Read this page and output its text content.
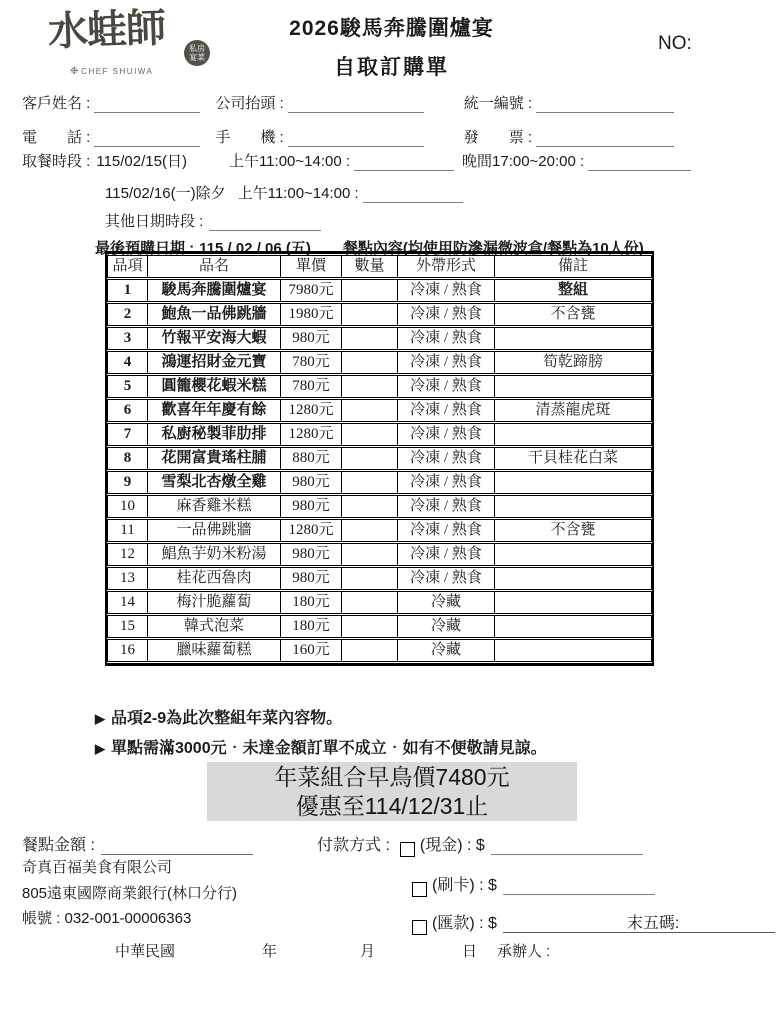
水蛙師	私房宴菜
❉ CHEF SHUIWA
2026駿馬奔騰圍爐宴
自取訂購單
NO:
客戶姓名 :	公司抬頭 :	統一編號 :
電　　話 :	手　　機 :	發　　票 :
取餐時段 : 115/02/15(日)	上午11:00~14:00 :	晚間17:00~20:00 :
115/02/16(一)除夕 上午11:00~14:00 :
其他日期時段 :
最後預購日期 : 115 / 02 / 06 (五) 餐點內容(均使用防滲漏微波盒/餐點為10人份)
品項	品名	單價	數量	外帶形式	備註
1	駿馬奔騰圍爐宴	7980元		冷凍 / 熟食	整組
2	鮑魚一品佛跳牆	1980元		冷凍 / 熟食	不含甕
3	竹報平安海大蝦	980元		冷凍 / 熟食	
4	鴻運招財金元寶	780元		冷凍 / 熟食	筍乾蹄膀
5	圓籠櫻花蝦米糕	780元		冷凍 / 熟食	
6	歡喜年年慶有餘	1280元		冷凍 / 熟食	清蒸龍虎斑
7	私廚秘製菲肋排	1280元		冷凍 / 熟食	
8	花開富貴瑤柱脯	880元		冷凍 / 熟食	干貝桂花白菜
9	雪梨北杏燉全雞	980元		冷凍 / 熟食	
10	麻香雞米糕	980元		冷凍 / 熟食	
11	一品佛跳牆	1280元		冷凍 / 熟食	不含甕
12	鯧魚芋奶米粉湯	980元		冷凍 / 熟食	
13	桂花西魯肉	980元		冷凍 / 熟食	
14	梅汁脆蘿蔔	180元		冷藏	
15	韓式泡菜	180元		冷藏	
16	臘味蘿蔔糕	160元		冷藏	
▶ 品項2-9為此次整組年菜內容物。
▶ 單點需滿3000元‧未達金額訂單不成立‧如有不便敬請見諒。
年菜組合早鳥價7480元
優惠至114/12/31止
餐點金額 :
奇真百福美食有限公司
805遠東國際商業銀行(林口分行)
帳號 : 032-001-00006363
付款方式 : (現金) : $
(刷卡) : $
(匯款) : $	末五碼:
中華民國	年	月	日 承辦人 :
